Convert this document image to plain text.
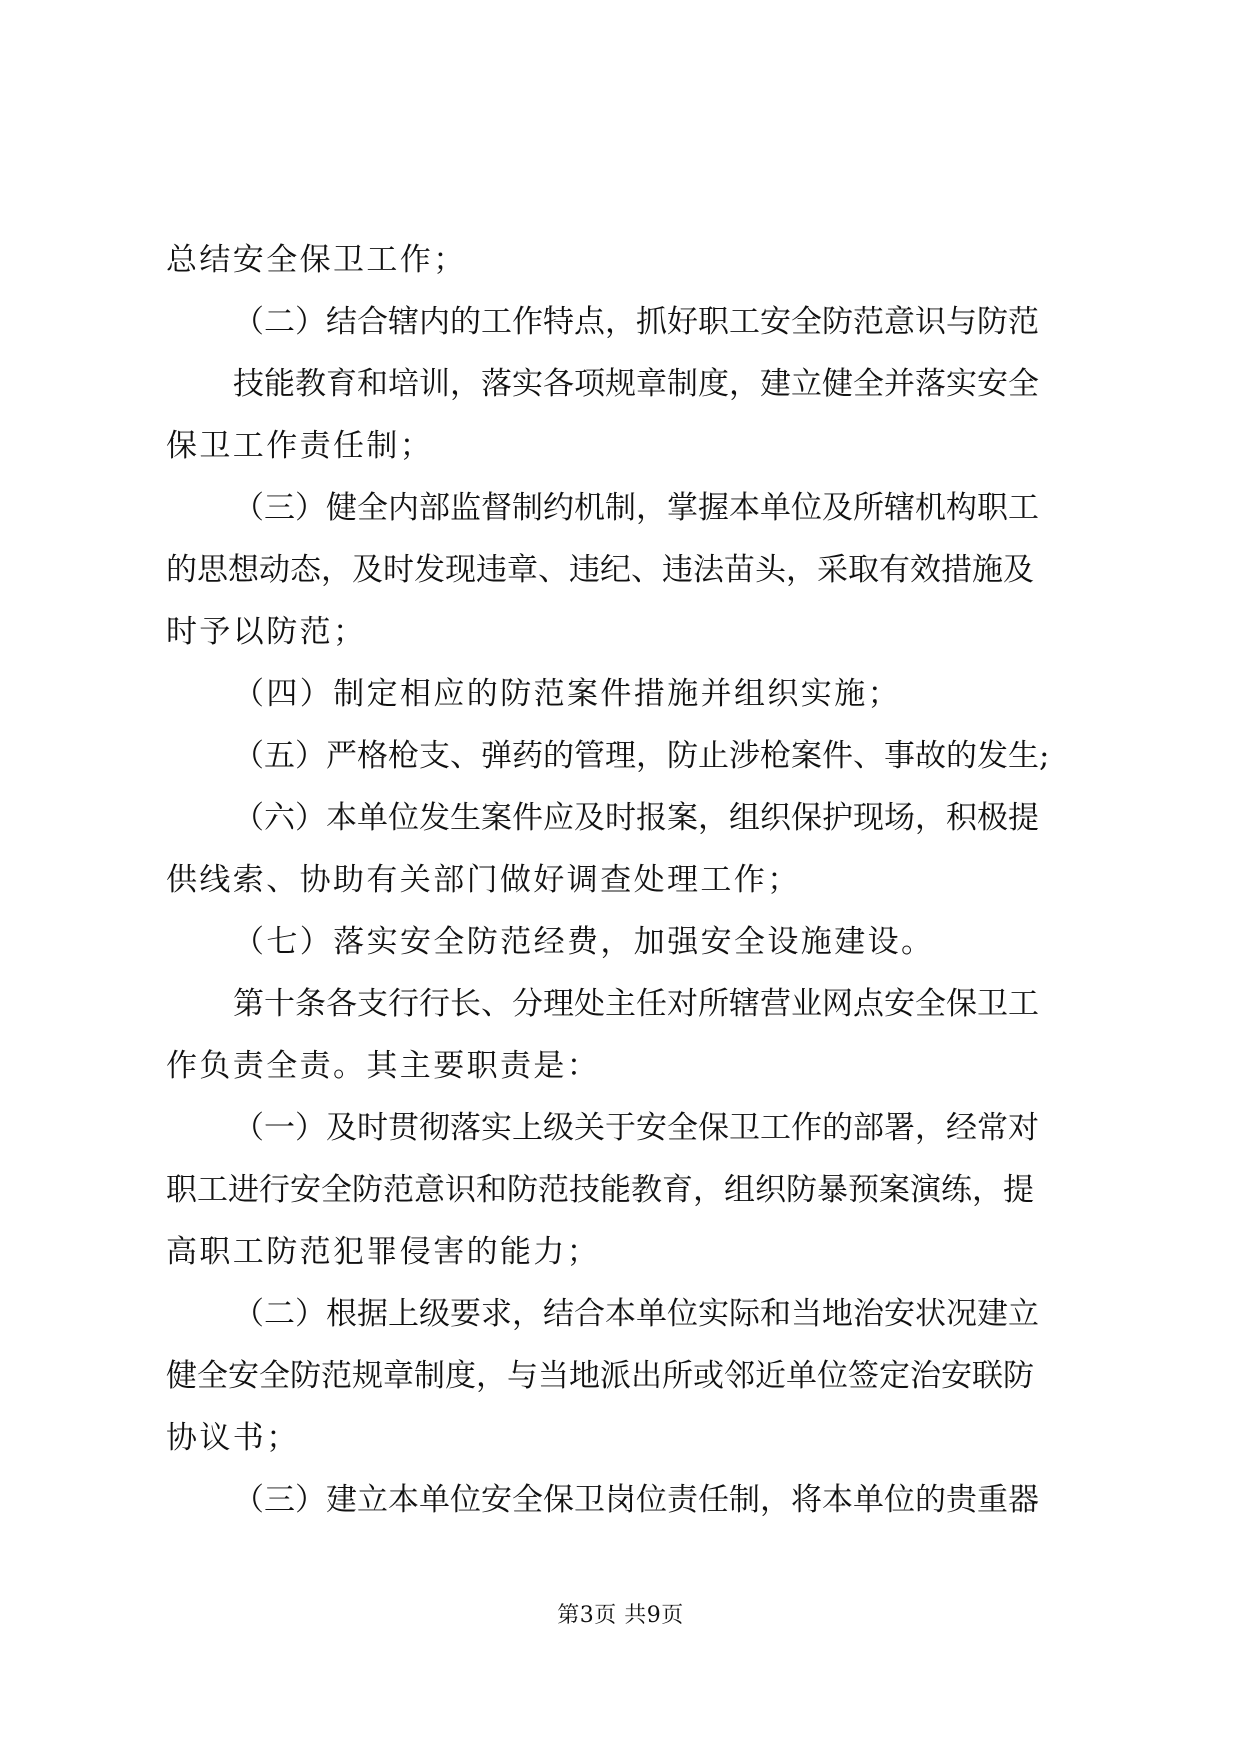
总结安全保卫工作；

（二）结合辖内的工作特点，抓好职工安全防范意识与防范

技能教育和培训，落实各项规章制度，建立健全并落实安全

保卫工作责任制；

（三）健全内部监督制约机制，掌握本单位及所辖机构职工

的思想动态，及时发现违章、违纪、违法苗头，采取有效措施及

时予以防范；

（四）制定相应的防范案件措施并组织实施；

（五）严格枪支、弹药的管理，防止涉枪案件、事故的发生;

（六）本单位发生案件应及时报案，组织保护现场，积极提

供线索、协助有关部门做好调查处理工作；

（七）落实安全防范经费，加强安全设施建设。

第十条各支行行长、分理处主任对所辖营业网点安全保卫工

作负责全责。其主要职责是：

（一）及时贯彻落实上级关于安全保卫工作的部署，经常对

职工进行安全防范意识和防范技能教育，组织防暴预案演练，提

高职工防范犯罪侵害的能力；

（二）根据上级要求，结合本单位实际和当地治安状况建立

健全安全防范规章制度，与当地派出所或邻近单位签定治安联防

协议书；

（三）建立本单位安全保卫岗位责任制，将本单位的贵重器

第3页 共9页
